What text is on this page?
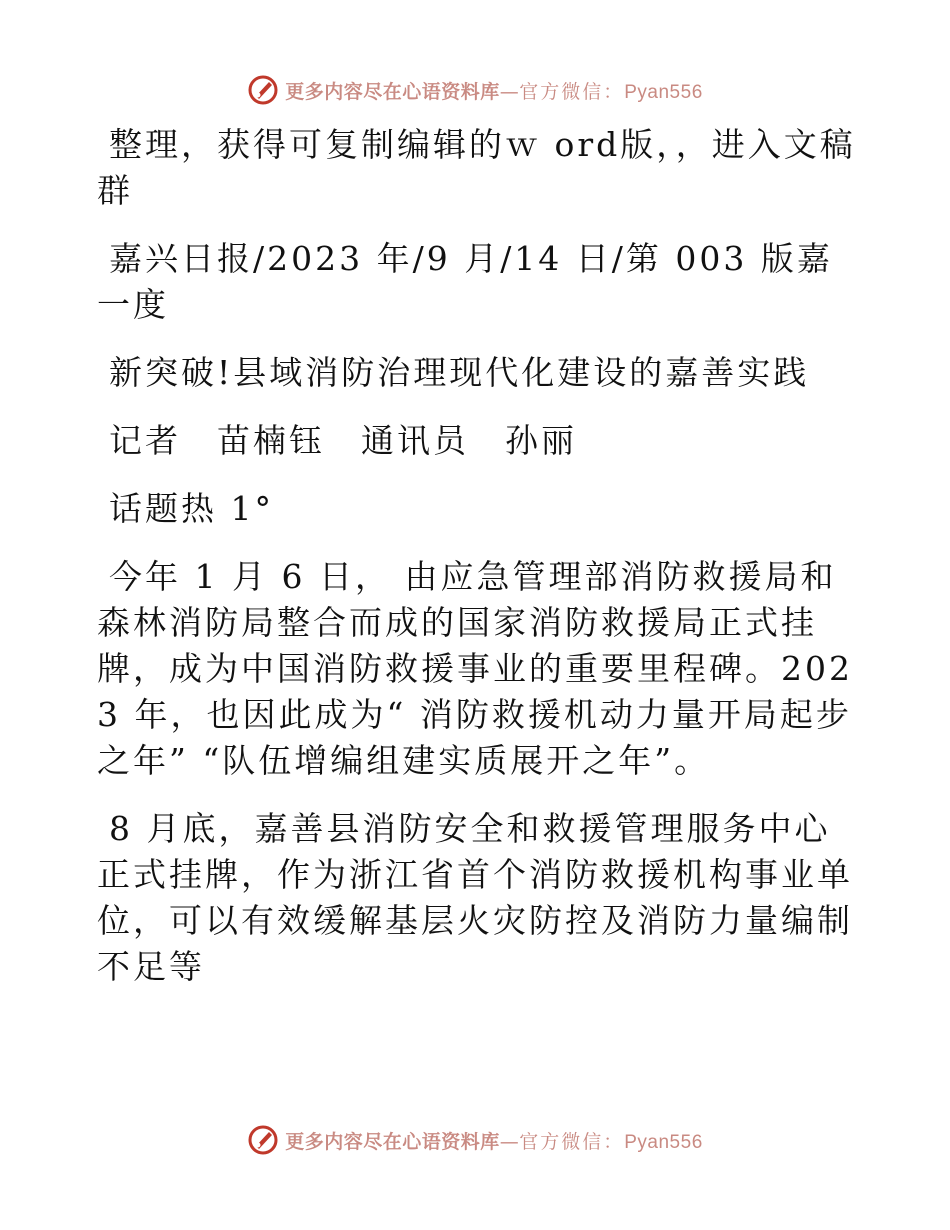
更多内容尽在心语资料库—官方微信：Pyan556

整理，获得可复制编辑的ｗ ord版，，进入文稿群

嘉兴日报/2023 年/9 月/14 日/第 003 版嘉一度

新突破!县域消防治理现代化建设的嘉善实践

记者　苗楠钰　通讯员　孙丽

话题热 1°

今年 1 月 6 日， 由应急管理部消防救援局和森林消防局整合而成的国家消防救援局正式挂牌，成为中国消防救援事业的重要里程碑。2023 年，也因此成为“ 消防救援机动力量开局起步之年” “队伍增编组建实质展开之年”。

8 月底，嘉善县消防安全和救援管理服务中心正式挂牌，作为浙江省首个消防救援机构事业单位，可以有效缓解基层火灾防控及消防力量编制不足等

更多内容尽在心语资料库—官方微信：Pyan556
